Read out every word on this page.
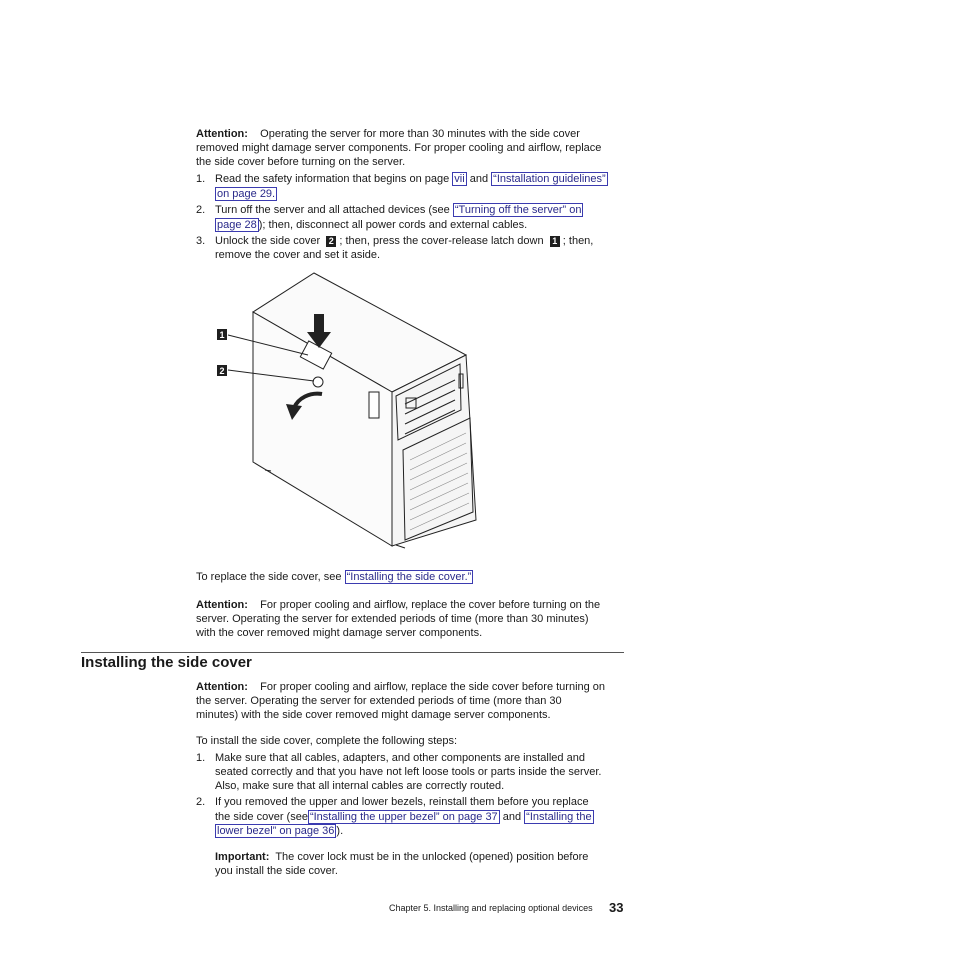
Attention: Operating the server for more than 30 minutes with the side cover
removed might damage server components. For proper cooling and airflow, replace
the side cover before turning on the server.
1. Read the safety information that begins on page vii and “Installation guidelines”
on page 29.
2. Turn off the server and all attached devices (see “Turning off the server” on
page 28 ); then, disconnect all power cords and external cables.
3. Unlock the side cover 2 ; then, press the cover-release latch down 1 ; then,
remove the cover and set it aside.
1
2
To replace the side cover, see “Installing the side cover.”
Attention: For proper cooling and airflow, replace the cover before turning on the
server. Operating the server for extended periods of time (more than 30 minutes)
with the cover removed might damage server components.
Installing the side cover
Attention: For proper cooling and airflow, replace the side cover before turning on
the server. Operating the server for extended periods of time (more than 30
minutes) with the side cover removed might damage server components.
To install the side cover, complete the following steps:
1. Make sure that all cables, adapters, and other components are installed and
seated correctly and that you have not left loose tools or parts inside the server.
Also, make sure that all internal cables are correctly routed.
2. If you removed the upper and lower bezels, reinstall them before you replace
the side cover (see “Installing the upper bezel” on page 37 and “Installing the
lower bezel” on page 36 ).
Important: The cover lock must be in the unlocked (opened) position before
you install the side cover.
Chapter 5. Installing and replacing optional devices 33
